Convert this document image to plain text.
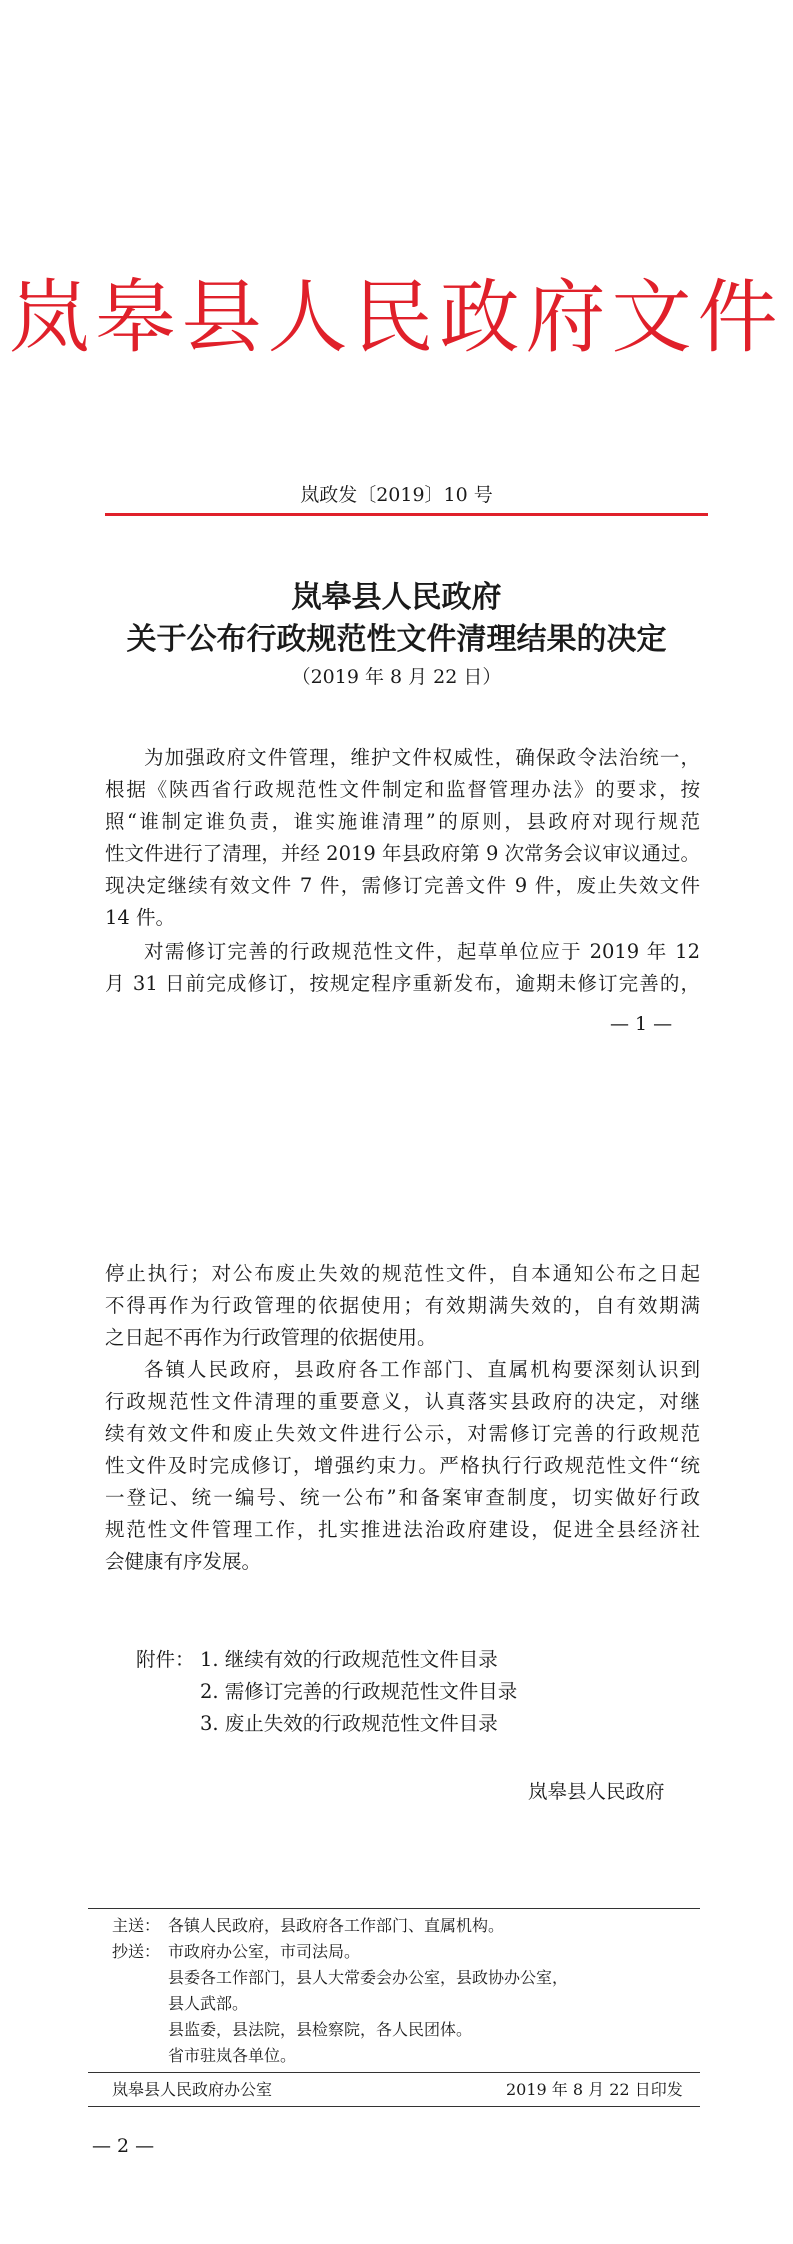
岚皋县人民政府文件
岚政发〔2019〕10 号
岚皋县人民政府
关于公布行政规范性文件清理结果的决定
（2019 年 8 月 22 日）
为加强政府文件管理，维护文件权威性，确保政令法治统一，
根据《陕西省行政规范性文件制定和监督管理办法》的要求，按
照“谁制定谁负责，谁实施谁清理”的原则，县政府对现行规范
性文件进行了清理，并经 2019 年县政府第 9 次常务会议审议通过。
现决定继续有效文件 7 件，需修订完善文件 9 件，废止失效文件
14 件。
对需修订完善的行政规范性文件，起草单位应于 2019 年 12
月 31 日前完成修订，按规定程序重新发布，逾期未修订完善的，
— 1 —
停止执行；对公布废止失效的规范性文件，自本通知公布之日起
不得再作为行政管理的依据使用；有效期满失效的，自有效期满
之日起不再作为行政管理的依据使用。
各镇人民政府，县政府各工作部门、直属机构要深刻认识到
行政规范性文件清理的重要意义，认真落实县政府的决定，对继
续有效文件和废止失效文件进行公示，对需修订完善的行政规范
性文件及时完成修订，增强约束力。严格执行行政规范性文件“统
一登记、统一编号、统一公布”和备案审查制度，切实做好行政
规范性文件管理工作，扎实推进法治政府建设，促进全县经济社
会健康有序发展。
附件： 1. 继续有效的行政规范性文件目录
2. 需修订完善的行政规范性文件目录
3. 废止失效的行政规范性文件目录
岚皋县人民政府
主送： 各镇人民政府，县政府各工作部门、直属机构。
抄送： 市政府办公室，市司法局。
县委各工作部门，县人大常委会办公室，县政协办公室，
县人武部。
县监委，县法院，县检察院，各人民团体。
省市驻岚各单位。
岚皋县人民政府办公室	2019 年 8 月 22 日印发
— 2 —
